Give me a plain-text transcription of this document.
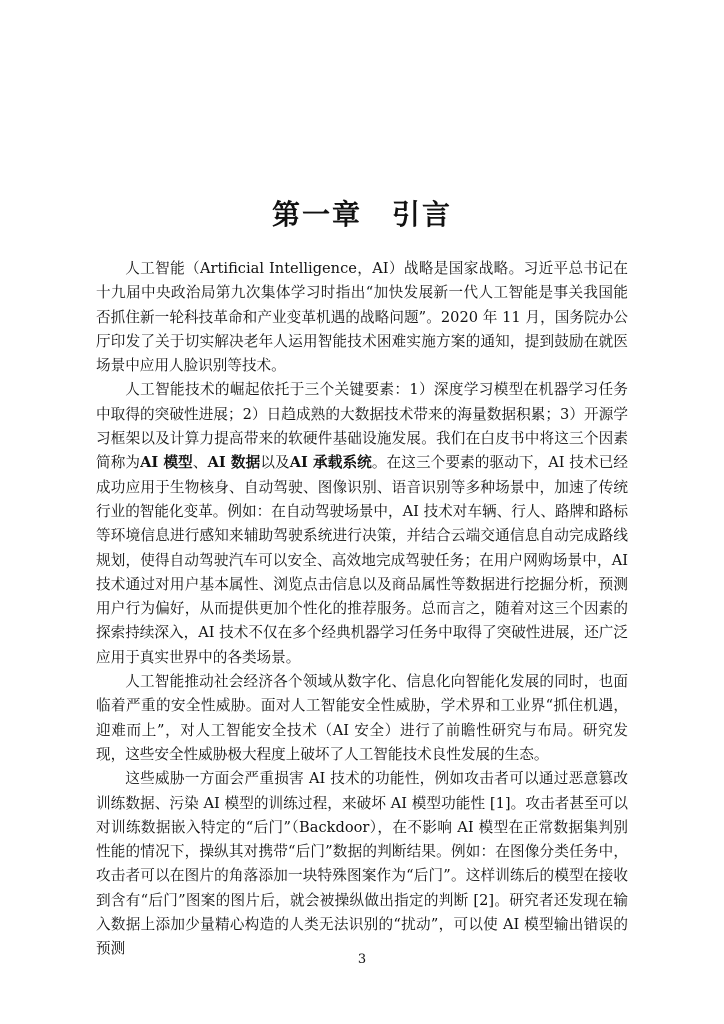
第一章　引言

人工智能（Artificial Intelligence，AI）战略是国家战略。习近平总书记在十九届中央政治局第九次集体学习时指出“加快发展新一代人工智能是事关我国能否抓住新一轮科技革命和产业变革机遇的战略问题”。2020 年 11 月，国务院办公厅印发了关于切实解决老年人运用智能技术困难实施方案的通知，提到鼓励在就医场景中应用人脸识别等技术。

人工智能技术的崛起依托于三个关键要素：1）深度学习模型在机器学习任务中取得的突破性进展；2）日趋成熟的大数据技术带来的海量数据积累；3）开源学习框架以及计算力提高带来的软硬件基础设施发展。我们在白皮书中将这三个因素简称为AI 模型、AI 数据以及AI 承载系统。在这三个要素的驱动下，AI 技术已经成功应用于生物核身、自动驾驶、图像识别、语音识别等多种场景中，加速了传统行业的智能化变革。例如：在自动驾驶场景中，AI 技术对车辆、行人、路牌和路标等环境信息进行感知来辅助驾驶系统进行决策，并结合云端交通信息自动完成路线规划，使得自动驾驶汽车可以安全、高效地完成驾驶任务；在用户网购场景中，AI 技术通过对用户基本属性、浏览点击信息以及商品属性等数据进行挖掘分析，预测用户行为偏好，从而提供更加个性化的推荐服务。总而言之，随着对这三个因素的探索持续深入，AI 技术不仅在多个经典机器学习任务中取得了突破性进展，还广泛应用于真实世界中的各类场景。

人工智能推动社会经济各个领域从数字化、信息化向智能化发展的同时，也面临着严重的安全性威胁。面对人工智能安全性威胁，学术界和工业界“抓住机遇，迎难而上”，对人工智能安全技术（AI 安全）进行了前瞻性研究与布局。研究发现，这些安全性威胁极大程度上破坏了人工智能技术良性发展的生态。

这些威胁一方面会严重损害 AI 技术的功能性，例如攻击者可以通过恶意篡改训练数据、污染 AI 模型的训练过程，来破坏 AI 模型功能性 [1]。攻击者甚至可以对训练数据嵌入特定的“后门”（Backdoor），在不影响 AI 模型在正常数据集判别性能的情况下，操纵其对携带“后门”数据的判断结果。例如：在图像分类任务中，攻击者可以在图片的角落添加一块特殊图案作为“后门”。这样训练后的模型在接收到含有“后门”图案的图片后，就会被操纵做出指定的判断 [2]。研究者还发现在输入数据上添加少量精心构造的人类无法识别的“扰动”，可以使 AI 模型输出错误的预测

3
